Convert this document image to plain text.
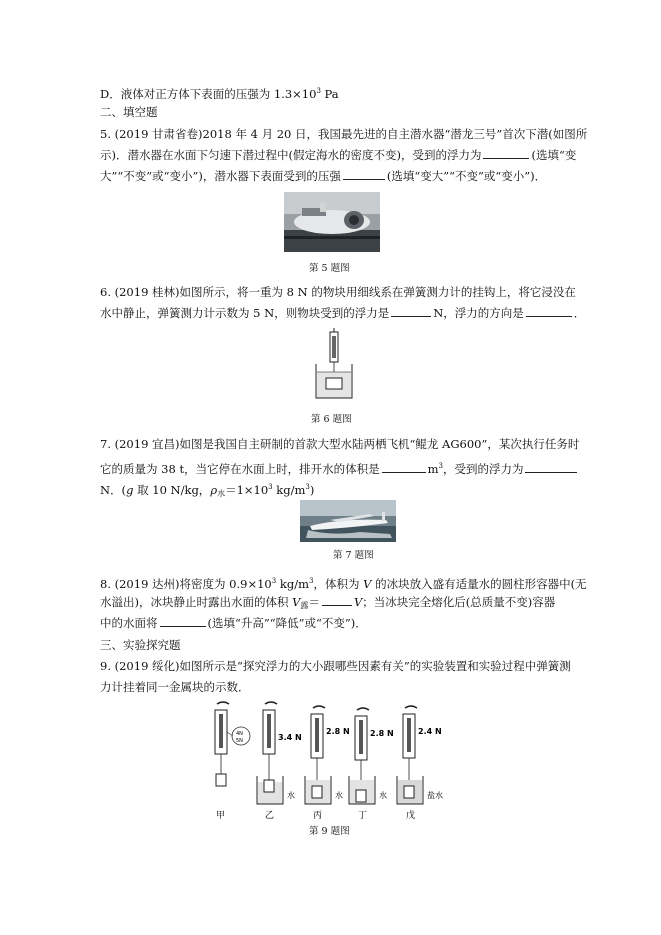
D．液体对正方体下表面的压强为 $1.3\times 10^3$ Pa
二、填空题
5. (2019 甘肃省卷)2018 年 4 月 20 日，我国最先进的自主潜水器“潜龙三号”首次下潜(如图所
示)．潜水器在水面下匀速下潜过程中(假定海水的密度不变)，受到的浮力为	(选填“变
大”“不变”或“变小”)，潜水器下表面受到的压强	(选填“变大”“不变”或“变小”)．
第 5 题图
6. (2019 桂林)如图所示，将一重为 8 N 的物块用细线系在弹簧测力计的挂钩上，将它浸没在
水中静止，弹簧测力计示数为 5 N，则物块受到的浮力是	N，浮力的方向是	．
第 6 题图
7. (2019 宜昌)如图是我国自主研制的首款大型水陆两栖飞机“鲲龙 AG600”，某次执行任务时
它的质量为 38 t，当它停在水面上时，排开水的体积是	$m^3$，受到的浮力为
N．(g 取 10 N/kg，$\rho_水=1\times 10^3$ $kg/m^3$)
第 7 题图
8. (2019 达州)将密度为 $0.9\times 10^3$ $kg/m^3$，体积为 V 的冰块放入盛有适量水的圆柱形容器中(无
水溢出)，冰块静止时露出水面的体积 $V_露=$	V；当冰块完全熔化后(总质量不变)容器
中的水面将	(选填“升高”“降低”或“不变”)．
三、实验探究题
9. (2019 绥化)如图所示是“探究浮力的大小跟哪些因素有关”的实验装置和实验过程中弹簧测
力计挂着同一金属块的示数．
4N
5N
甲
3.4 N
水
乙
2.8 N
水
丙
2.8 N
水
丁
2.4 N
盐水
戊
第 9 题图
